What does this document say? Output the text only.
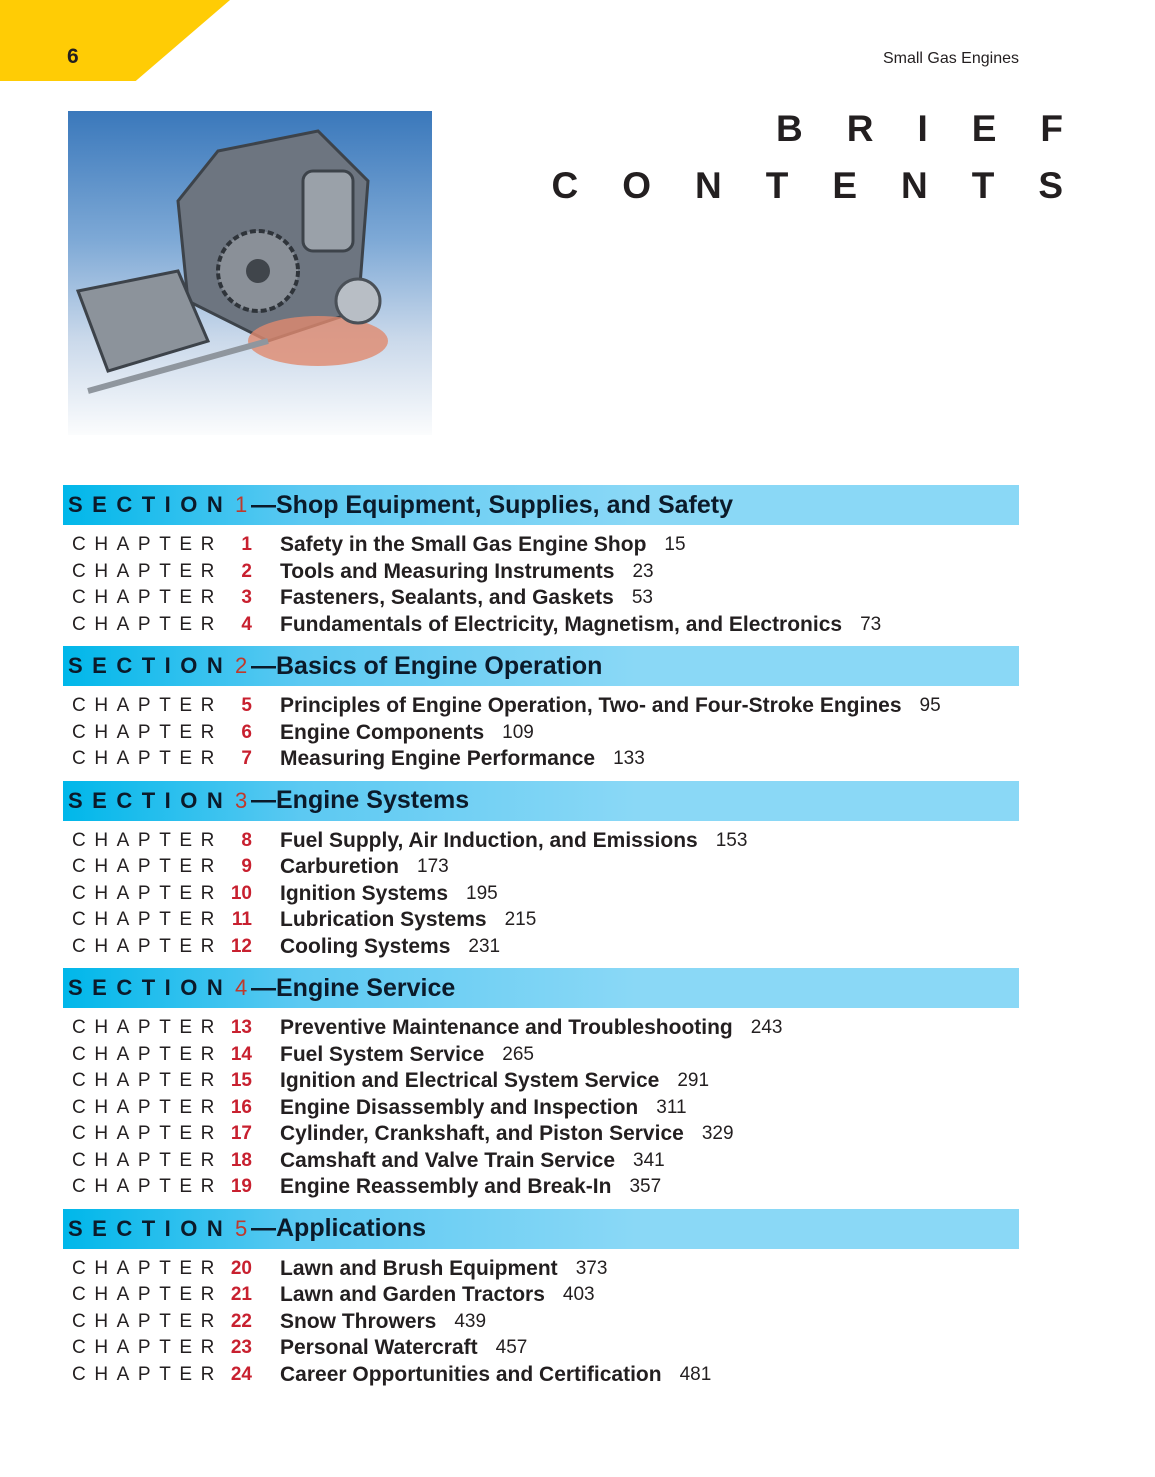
6	Small Gas Engines
BRIEF
CONTENTS
SECTION 1 —Shop Equipment, Supplies, and Safety
CHAPTER 1 Safety in the Small Gas Engine Shop 15
CHAPTER 2 Tools and Measuring Instruments 23
CHAPTER 3 Fasteners, Sealants, and Gaskets 53
CHAPTER 4 Fundamentals of Electricity, Magnetism, and Electronics 73
SECTION 2 —Basics of Engine Operation
CHAPTER 5 Principles of Engine Operation, Two- and Four-Stroke Engines 95
CHAPTER 6 Engine Components 109
CHAPTER 7 Measuring Engine Performance 133
SECTION 3 —Engine Systems
CHAPTER 8 Fuel Supply, Air Induction, and Emissions 153
CHAPTER 9 Carburetion 173
CHAPTER 10 Ignition Systems 195
CHAPTER 11 Lubrication Systems 215
CHAPTER 12 Cooling Systems 231
SECTION 4 —Engine Service
CHAPTER 13 Preventive Maintenance and Troubleshooting 243
CHAPTER 14 Fuel System Service 265
CHAPTER 15 Ignition and Electrical System Service 291
CHAPTER 16 Engine Disassembly and Inspection 311
CHAPTER 17 Cylinder, Crankshaft, and Piston Service 329
CHAPTER 18 Camshaft and Valve Train Service 341
CHAPTER 19 Engine Reassembly and Break-In 357
SECTION 5 —Applications
CHAPTER 20 Lawn and Brush Equipment 373
CHAPTER 21 Lawn and Garden Tractors 403
CHAPTER 22 Snow Throwers 439
CHAPTER 23 Personal Watercraft 457
CHAPTER 24 Career Opportunities and Certification 481
